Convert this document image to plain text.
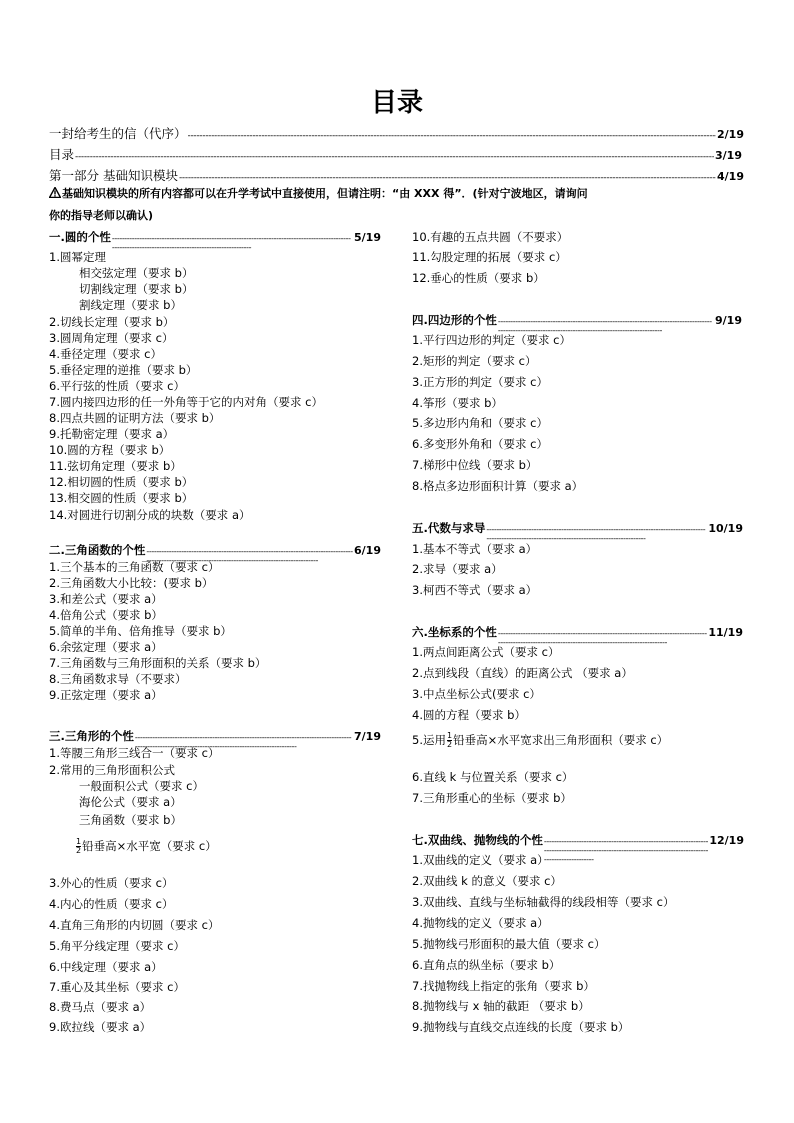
目录
一封给考生的信（代序） -----	2/19
目录 -----	3/19
第一部分 基础知识模块 -----	4/19
基础知识模块的所有内容都可以在升学考试中直接使用，但请注明：“由 XXX 得”．(针对宁波地区，请询问
你的指导老师以确认)
一.圆的个性 -----	5/19
1.圆幂定理
相交弦定理（要求 b）
切割线定理（要求 b）
割线定理（要求 b）
2.切线长定理（要求 b）
3.圆周角定理（要求 c）
4.垂径定理（要求 c）
5.垂径定理的逆推（要求 b）
6.平行弦的性质（要求 c）
7.圆内接四边形的任一外角等于它的内对角（要求 c）
8.四点共圆的证明方法（要求 b）
9.托勒密定理（要求 a）
10.圆的方程（要求 b）
11.弦切角定理（要求 b）
12.相切圆的性质（要求 b）
13.相交圆的性质（要求 b）
14.对圆进行切割分成的块数（要求 a）
二.三角函数的个性 -----	6/19
1.三个基本的三角函数（要求 c）
2.三角函数大小比较：(要求 b）
3.和差公式（要求 a）
4.倍角公式（要求 b）
5.简单的半角、倍角推导（要求 b）
6.余弦定理（要求 a）
7.三角函数与三角形面积的关系（要求 b）
8.三角函数求导（不要求）
9.正弦定理（要求 a）
三.三角形的个性 -----	7/19
1.等腰三角形三线合一（要求 c）
2.常用的三角形面积公式
一般面积公式（要求 c）
海伦公式（要求 a）
三角函数（要求 b）
$\frac{1}{2}$ 铅垂高×水平宽（要求 c）
3.外心的性质（要求 c）
4.内心的性质（要求 c）
4.直角三角形的内切圆（要求 c）
5.角平分线定理（要求 c）
6.中线定理（要求 a）
7.重心及其坐标（要求 c）
8.费马点（要求 a）
9.欧拉线（要求 a）
10.有趣的五点共圆（不要求）
11.勾股定理的拓展（要求 c）
12.垂心的性质（要求 b）
四.四边形的个性 -----	9/19
1.平行四边形的判定（要求 c）
2.矩形的判定（要求 c）
3.正方形的判定（要求 c）
4.筝形（要求 b）
5.多边形内角和（要求 c）
6.多变形外角和（要求 c）
7.梯形中位线（要求 b）
8.格点多边形面积计算（要求 a）
五.代数与求导 -----	10/19
1.基本不等式（要求 a）
2.求导（要求 a）
3.柯西不等式（要求 a）
六.坐标系的个性 -----	11/19
1.两点间距离公式（要求 c）
2.点到线段（直线）的距离公式 （要求 a）
3.中点坐标公式(要求 c）
4.圆的方程（要求 b）
5.运用 $\frac{1}{2}$ 铅垂高×水平宽求出三角形面积（要求 c）
6.直线 k 与位置关系（要求 c）
7.三角形重心的坐标（要求 b）
七.双曲线、抛物线的个性 -----	12/19
1.双曲线的定义（要求 a）
2.双曲线 k 的意义（要求 c）
3.双曲线、直线与坐标轴截得的线段相等（要求 c）
4.抛物线的定义（要求 a）
5.抛物线弓形面积的最大值（要求 c）
6.直角点的纵坐标（要求 b）
7.找抛物线上指定的张角（要求 b）
8.抛物线与 x 轴的截距 （要求 b）
9.抛物线与直线交点连线的长度（要求 b）
